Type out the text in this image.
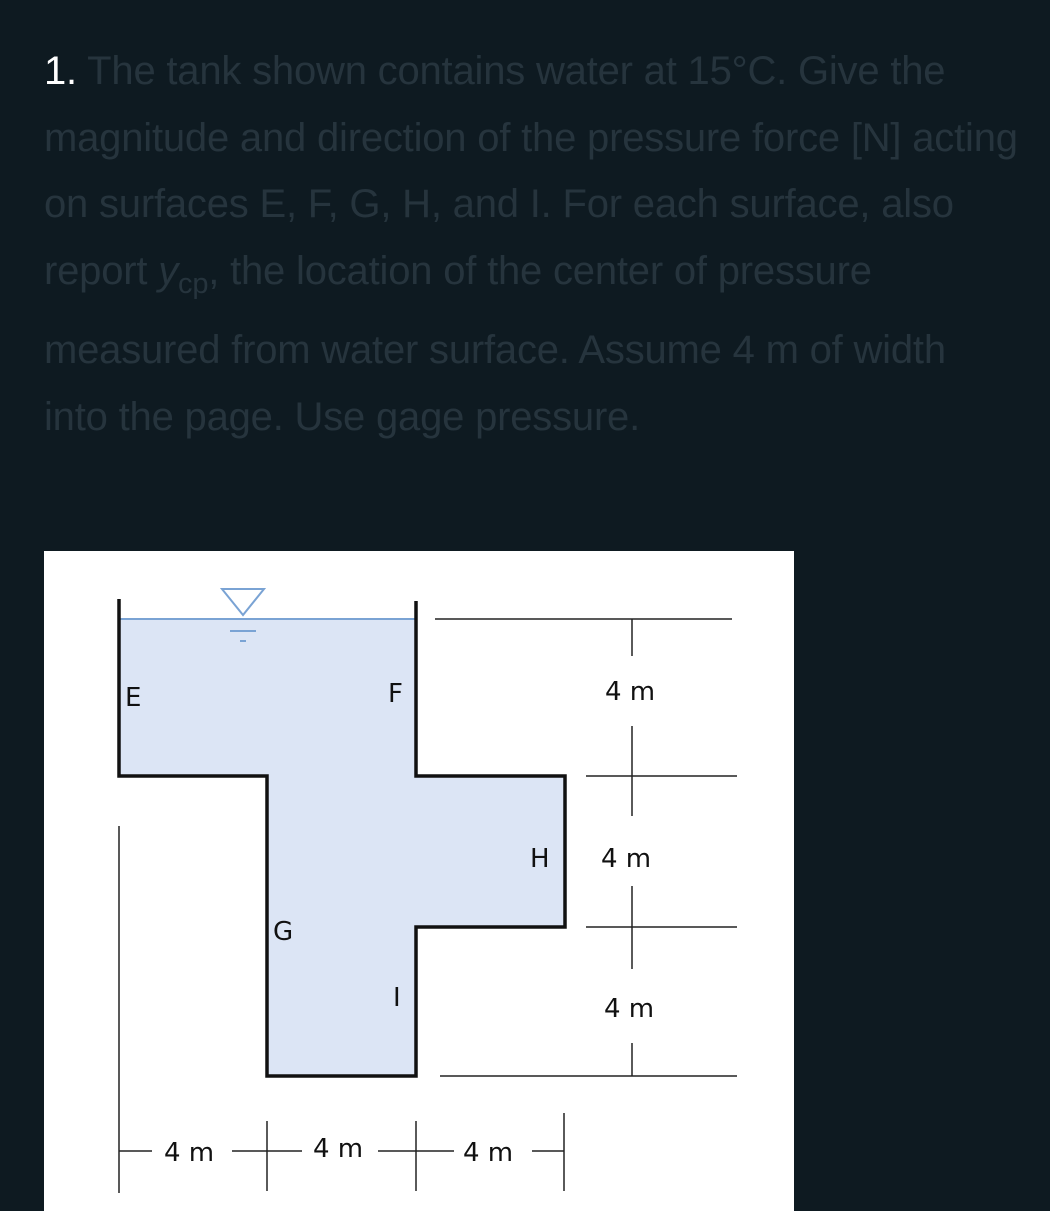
1. The tank shown contains water at 15°C. Give the magnitude and direction of the pressure force [N] acting on surfaces E, F, G, H, and I. For each surface, also report $y_{cp}$, the location of the center of pressure measured from water surface. Assume 4 m of width into the page. Use gage pressure.
E	F
G
H
I
4 m
4 m
4 m
4 m	4 m	4 m
